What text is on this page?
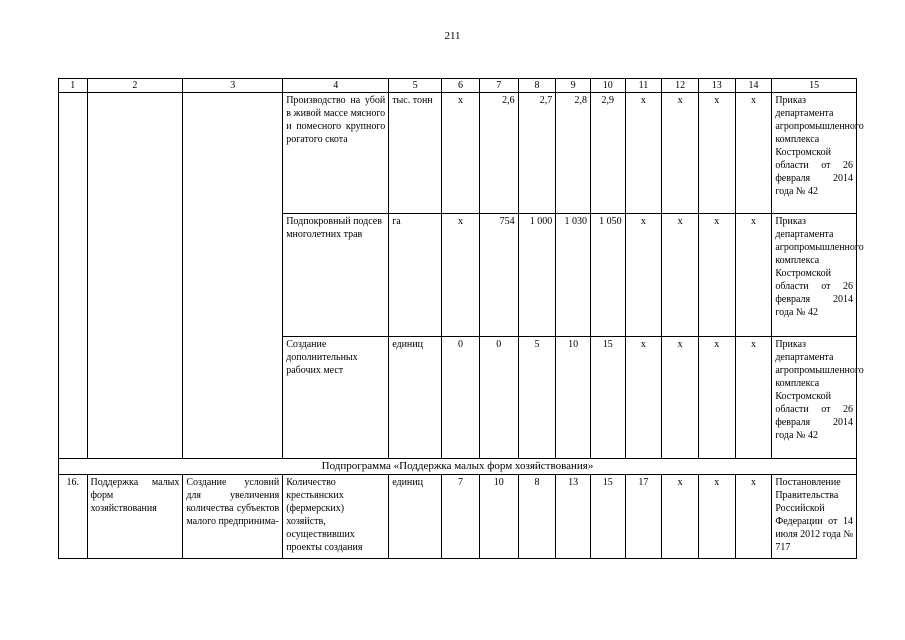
211
1	2	3	4	5	6	7	8	9	10	11	12	13	14	15
			Производство на убой в живой массе мясного и помесного крупного рогатого скота	тыс. тонн	х	2,6	2,7	2,8	2,9	х	х	х	х	Приказ департамента агропромышленного комплекса Костромской области от 26 февраля 2014 года № 42
			Подпокровный подсев многолетних трав	га	х	754	1 000	1 030	1 050	х	х	х	х	Приказ департамента агропромышленного комплекса Костромской области от 26 февраля 2014 года № 42
			Создание дополнительных рабочих мест	единиц	0	0	5	10	15	х	х	х	х	Приказ департамента агропромышленного комплекса Костромской области от 26 февраля 2014 года № 42
Подпрограмма «Поддержка малых форм хозяйствования»														
16.	Поддержка малых форм хозяйствования	Создание условий для увеличения количества субъектов малого предпринима-	Количество крестьянских (фермерских) хозяйств, осуществивших проекты создания	единиц	7	10	8	13	15	17	х	х	х	Постановление Правительства Российской Федерации от 14 июля 2012 года № 717
